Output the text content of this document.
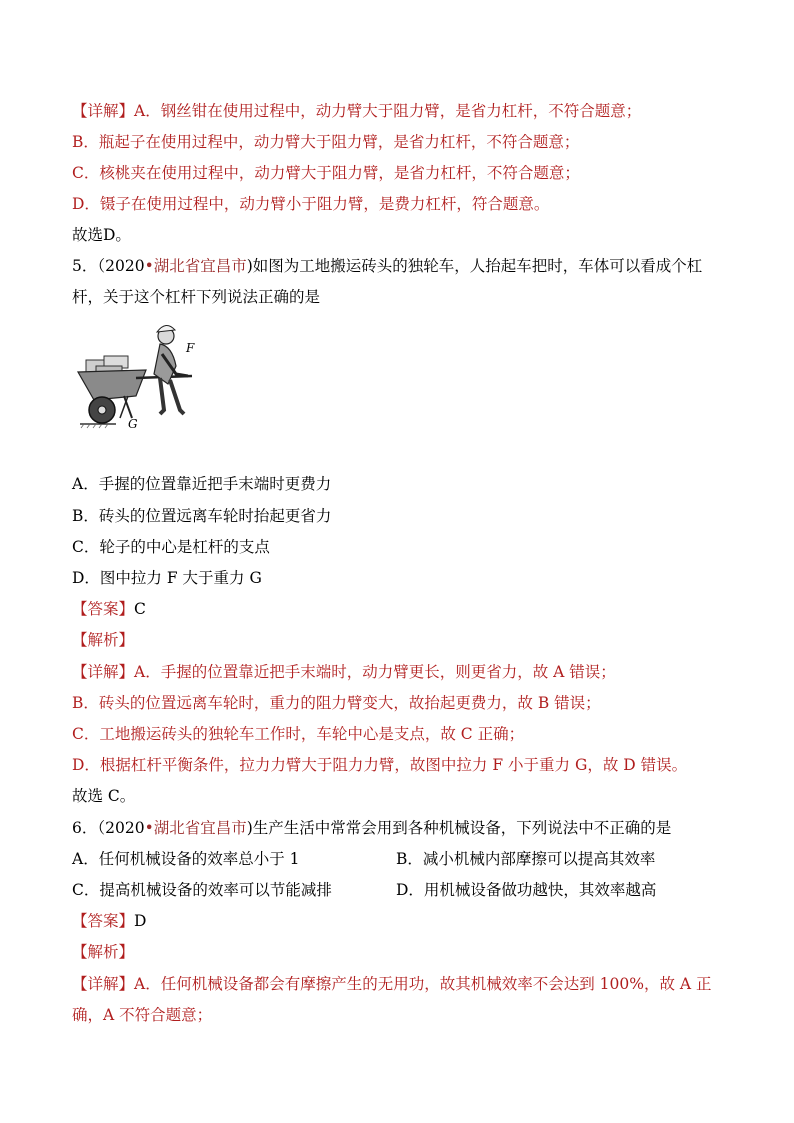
【详解】A．钢丝钳在使用过程中，动力臂大于阻力臂，是省力杠杆，不符合题意；
B．瓶起子在使用过程中，动力臂大于阻力臂，是省力杠杆，不符合题意；
C．核桃夹在使用过程中，动力臂大于阻力臂，是省力杠杆，不符合题意；
D．镊子在使用过程中，动力臂小于阻力臂，是费力杠杆，符合题意。
故选D。
5．（2020•湖北省宜昌市)如图为工地搬运砖头的独轮车，人抬起车把时，车体可以看成个杠
杆，关于这个杠杆下列说法正确的是
F
G
A．手握的位置靠近把手末端时更费力
B．砖头的位置远离车轮时抬起更省力
C．轮子的中心是杠杆的支点
D．图中拉力 F 大于重力 G
【答案】C
【解析】
【详解】A．手握的位置靠近把手末端时，动力臂更长，则更省力，故 A 错误；
B．砖头的位置远离车轮时，重力的阻力臂变大，故抬起更费力，故 B 错误；
C．工地搬运砖头的独轮车工作时，车轮中心是支点，故 C 正确；
D．根据杠杆平衡条件，拉力力臂大于阻力力臂，故图中拉力 F 小于重力 G，故 D 错误。
故选 C。
6．（2020•湖北省宜昌市)生产生活中常常会用到各种机械设备，下列说法中不正确的是
A．任何机械设备的效率总小于 1	B．减小机械内部摩擦可以提高其效率
C．提高机械设备的效率可以节能减排	D．用机械设备做功越快，其效率越高
【答案】D
【解析】
【详解】A．任何机械设备都会有摩擦产生的无用功，故其机械效率不会达到 100%，故 A 正
确，A 不符合题意；
